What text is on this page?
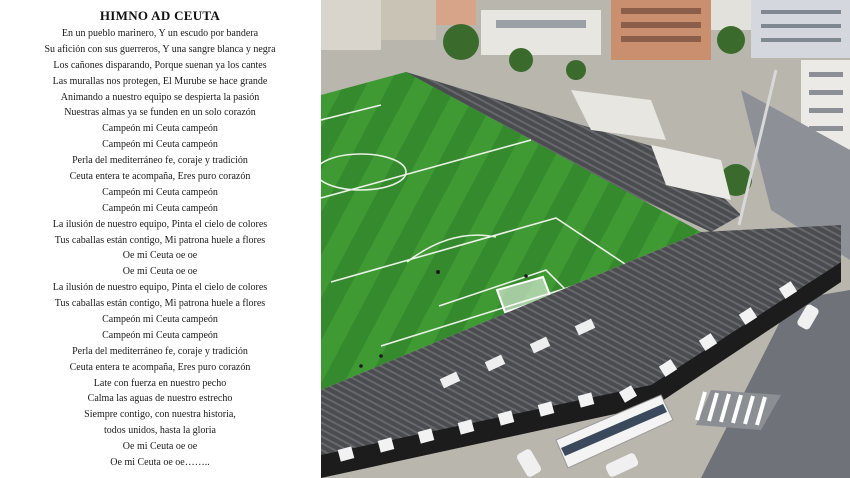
HIMNO AD CEUTA
En un pueblo marinero, Y un escudo por bandera
Su afición con sus guerreros, Y una sangre blanca y negra
Los cañones disparando, Porque suenan ya los cantes
Las murallas nos protegen, El Murube se hace grande
Animando a nuestro equipo se despierta la pasión
Nuestras almas ya se funden en un solo corazón
Campeón mi Ceuta campeón
Campeón mi Ceuta campeón
Perla del mediterráneo fe, coraje y tradición
Ceuta entera te acompaña, Eres puro corazón
Campeón mi Ceuta campeón
Campeón mi Ceuta campeón
La ilusión de nuestro equipo, Pinta el cielo de colores
Tus caballas están contigo, Mi patrona huele a flores
Oe mi Ceuta oe oe
Oe mi Ceuta oe oe
La ilusión de nuestro equipo, Pinta el cielo de colores
Tus caballas están contigo, Mi patrona huele a flores
Campeón mi Ceuta campeón
Campeón mi Ceuta campeón
Perla del mediterráneo fe, coraje y tradición
Ceuta entera te acompaña, Eres puro corazón
Late con fuerza en nuestro pecho
Calma las aguas de nuestro estrecho
Siempre contigo, con nuestra historia,
todos unidos, hasta la gloria
Oe mi Ceuta oe oe
Oe mi Ceuta oe oe……..
